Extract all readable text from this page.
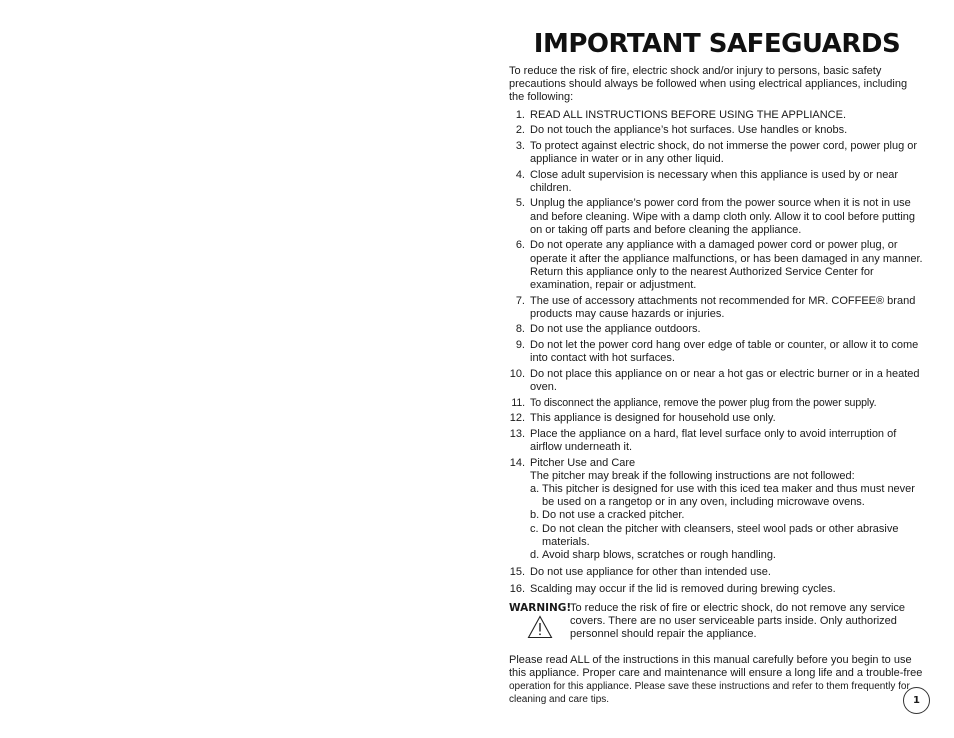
IMPORTANT SAFEGUARDS

To reduce the risk of fire, electric shock and/or injury to persons, basic safety precautions should always be followed when using electrical appliances, including the following:

1. READ ALL INSTRUCTIONS BEFORE USING THE APPLIANCE.
2. Do not touch the appliance’s hot surfaces. Use handles or knobs.
3. To protect against electric shock, do not immerse the power cord, power plug or appliance in water or in any other liquid.
4. Close adult supervision is necessary when this appliance is used by or near children.
5. Unplug the appliance’s power cord from the power source when it is not in use and before cleaning. Wipe with a damp cloth only. Allow it to cool before putting on or taking off parts and before cleaning the appliance.
6. Do not operate any appliance with a damaged power cord or power plug, or operate it after the appliance malfunctions, or has been damaged in any manner. Return this appliance only to the nearest Authorized Service Center for examination, repair or adjustment.
7. The use of accessory attachments not recommended for MR. COFFEE® brand products may cause hazards or injuries.
8. Do not use the appliance outdoors.
9. Do not let the power cord hang over edge of table or counter, or allow it to come into contact with hot surfaces.
10. Do not place this appliance on or near a hot gas or electric burner or in a heated oven.
11. To disconnect the appliance, remove the power plug from the power supply.
12. This appliance is designed for household use only.
13. Place the appliance on a hard, flat level surface only to avoid interruption of airflow underneath it.
14. Pitcher Use and Care
The pitcher may break if the following instructions are not followed:
a. This pitcher is designed for use with this iced tea maker and thus must never be used on a rangetop or in any oven, including microwave ovens.
b. Do not use a cracked pitcher.
c. Do not clean the pitcher with cleansers, steel wool pads or other abrasive materials.
d. Avoid sharp blows, scratches or rough handling.
15. Do not use appliance for other than intended use.
16. Scalding may occur if the lid is removed during brewing cycles.
WARNING!
To reduce the risk of fire or electric shock, do not remove any service covers. There are no user serviceable parts inside. Only authorized personnel should repair the appliance.

Please read ALL of the instructions in this manual carefully before you begin to use this appliance. Proper care and maintenance will ensure a long life and a trouble-free operation for this appliance. Please save these instructions and refer to them frequently for cleaning and care tips.	1
